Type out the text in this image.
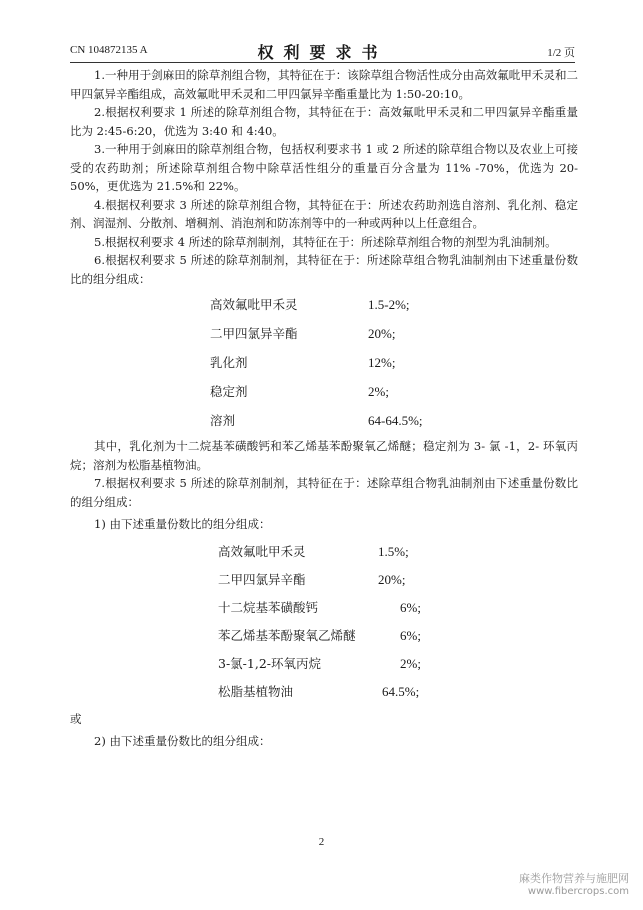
CN 104872135 A	权利要求书	1/2 页

1.一种用于剑麻田的除草剂组合物，其特征在于：该除草组合物活性成分由高效氟吡甲禾灵和二甲四氯异辛酯组成，高效氟吡甲禾灵和二甲四氯异辛酯重量比为 1:50-20:10。

2.根据权利要求 1 所述的除草剂组合物，其特征在于：高效氟吡甲禾灵和二甲四氯异辛酯重量比为 2:45-6:20，优选为 3:40 和 4:40。

3.一种用于剑麻田的除草剂组合物，包括权利要求书 1 或 2 所述的除草组合物以及农业上可接受的农药助剂；所述除草剂组合物中除草活性组分的重量百分含量为 11% -70%，优选为 20-50%，更优选为 21.5%和 22%。

4.根据权利要求 3 所述的除草剂组合物，其特征在于：所述农药助剂选自溶剂、乳化剂、稳定剂、润湿剂、分散剂、增稠剂、消泡剂和防冻剂等中的一种或两种以上任意组合。

5.根据权利要求 4 所述的除草剂制剂，其特征在于：所述除草剂组合物的剂型为乳油制剂。

6.根据权利要求 5 所述的除草剂制剂，其特征在于：所述除草组合物乳油制剂由下述重量份数比的组分组成：

高效氟吡甲禾灵	1.5-2%;
二甲四氯异辛酯	20%;
乳化剂	12%;
稳定剂	2%;
溶剂	64-64.5%;

其中，乳化剂为十二烷基苯磺酸钙和苯乙烯基苯酚聚氧乙烯醚；稳定剂为 3- 氯 -1，2- 环氧丙烷；溶剂为松脂基植物油。

7.根据权利要求 5 所述的除草剂制剂，其特征在于：述除草组合物乳油制剂由下述重量份数比的组分组成：

1) 由下述重量份数比的组分组成：
高效氟吡甲禾灵	1.5%;
二甲四氯异辛酯	20%;
十二烷基苯磺酸钙	6%;
苯乙烯基苯酚聚氧乙烯醚	6%;
3-氯-1,2-环氧丙烷	2%;
松脂基植物油	64.5%;
或
2) 由下述重量份数比的组分组成：
2
麻类作物营养与施肥网
www.fibercrops.com
